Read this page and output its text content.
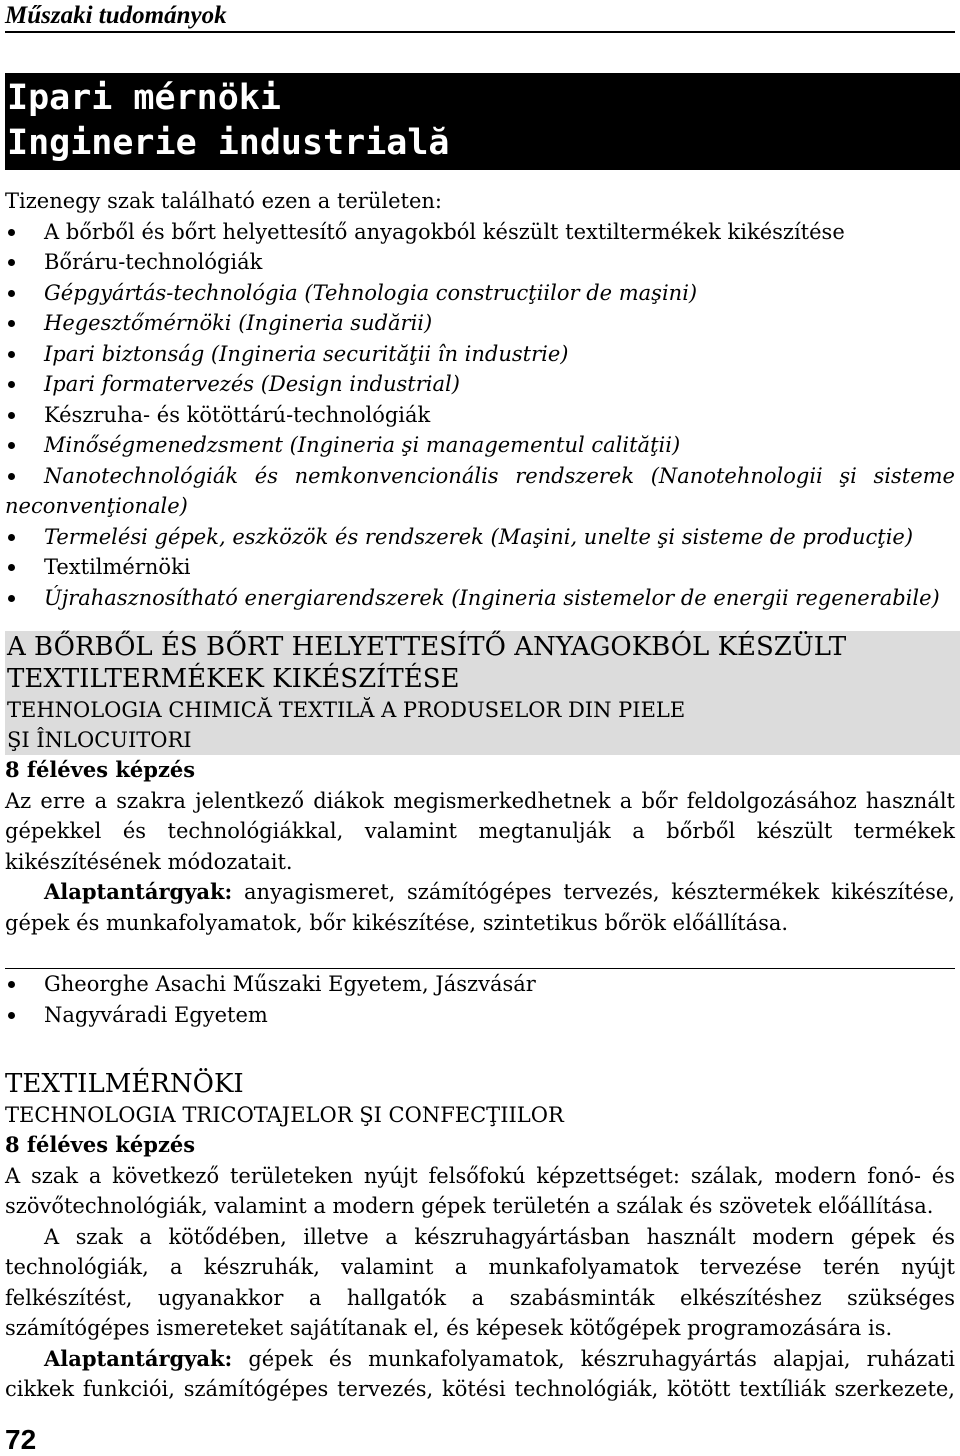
Műszaki tudományok
Ipari mérnöki
Inginerie industrială
Tizenegy szak található ezen a területen:
A bőrből és bőrt helyettesítő anyagokból készült textiltermékek kikészítése
Bőráru-technológiák
Gépgyártás-technológia (Tehnologia construcţiilor de maşini)
Hegesztőmérnöki (Ingineria sudării)
Ipari biztonság (Ingineria securităţii în industrie)
Ipari formatervezés (Design industrial)
Készruha- és kötöttárú-technológiák
Minőségmenedzsment (Ingineria şi managementul calităţii)
Nanotechnológiák és nemkonvencionális rendszerek (Nanotehnologii şi sisteme neconvenţionale)
Termelési gépek, eszközök és rendszerek (Maşini, unelte şi sisteme de producţie)
Textilmérnöki
Újrahasznosítható energiarendszerek (Ingineria sistemelor de energii regenerabile)
A BŐRBŐL ÉS BŐRT HELYETTESÍTŐ ANYAGOKBÓL KÉSZÜLT
TEXTILTERMÉKEK KIKÉSZÍTÉSE
TEHNOLOGIA CHIMICĂ TEXTILĂ A PRODUSELOR DIN PIELE
ŞI ÎNLOCUITORI
8 féléves képzés
Az erre a szakra jelentkező diákok megismerkedhetnek a bőr feldolgozásához használt gépekkel és technológiákkal, valamint megtanulják a bőrből készült termékek kikészítésének módozatait.
Alaptantárgyak: anyagismeret, számítógépes tervezés, késztermékek kikészítése, gépek és munkafolyamatok, bőr kikészítése, szintetikus bőrök előállítása.
Gheorghe Asachi Műszaki Egyetem, Jászvásár
Nagyváradi Egyetem
TEXTILMÉRNÖKI
TECHNOLOGIA TRICOTAJELOR ŞI CONFECŢIILOR
8 féléves képzés
A szak a következő területeken nyújt felsőfokú képzettséget: szálak, modern fonó- és szövőtechnológiák, valamint a modern gépek területén a szálak és szövetek előállítása.
A szak a kötődében, illetve a készruhagyártásban használt modern gépek és technológiák, a készruhák, valamint a munkafolyamatok tervezése terén nyújt felkészítést, ugyanakkor a hallgatók a szabásminták elkészítéshez szükséges számítógépes ismereteket sajátítanak el, és képesek kötőgépek programozására is.
Alaptantárgyak: gépek és munkafolyamatok, készruhagyártás alapjai, ruházati cikkek funkciói, számítógépes tervezés, kötési technológiák, kötött textíliák szerkezete,
72
